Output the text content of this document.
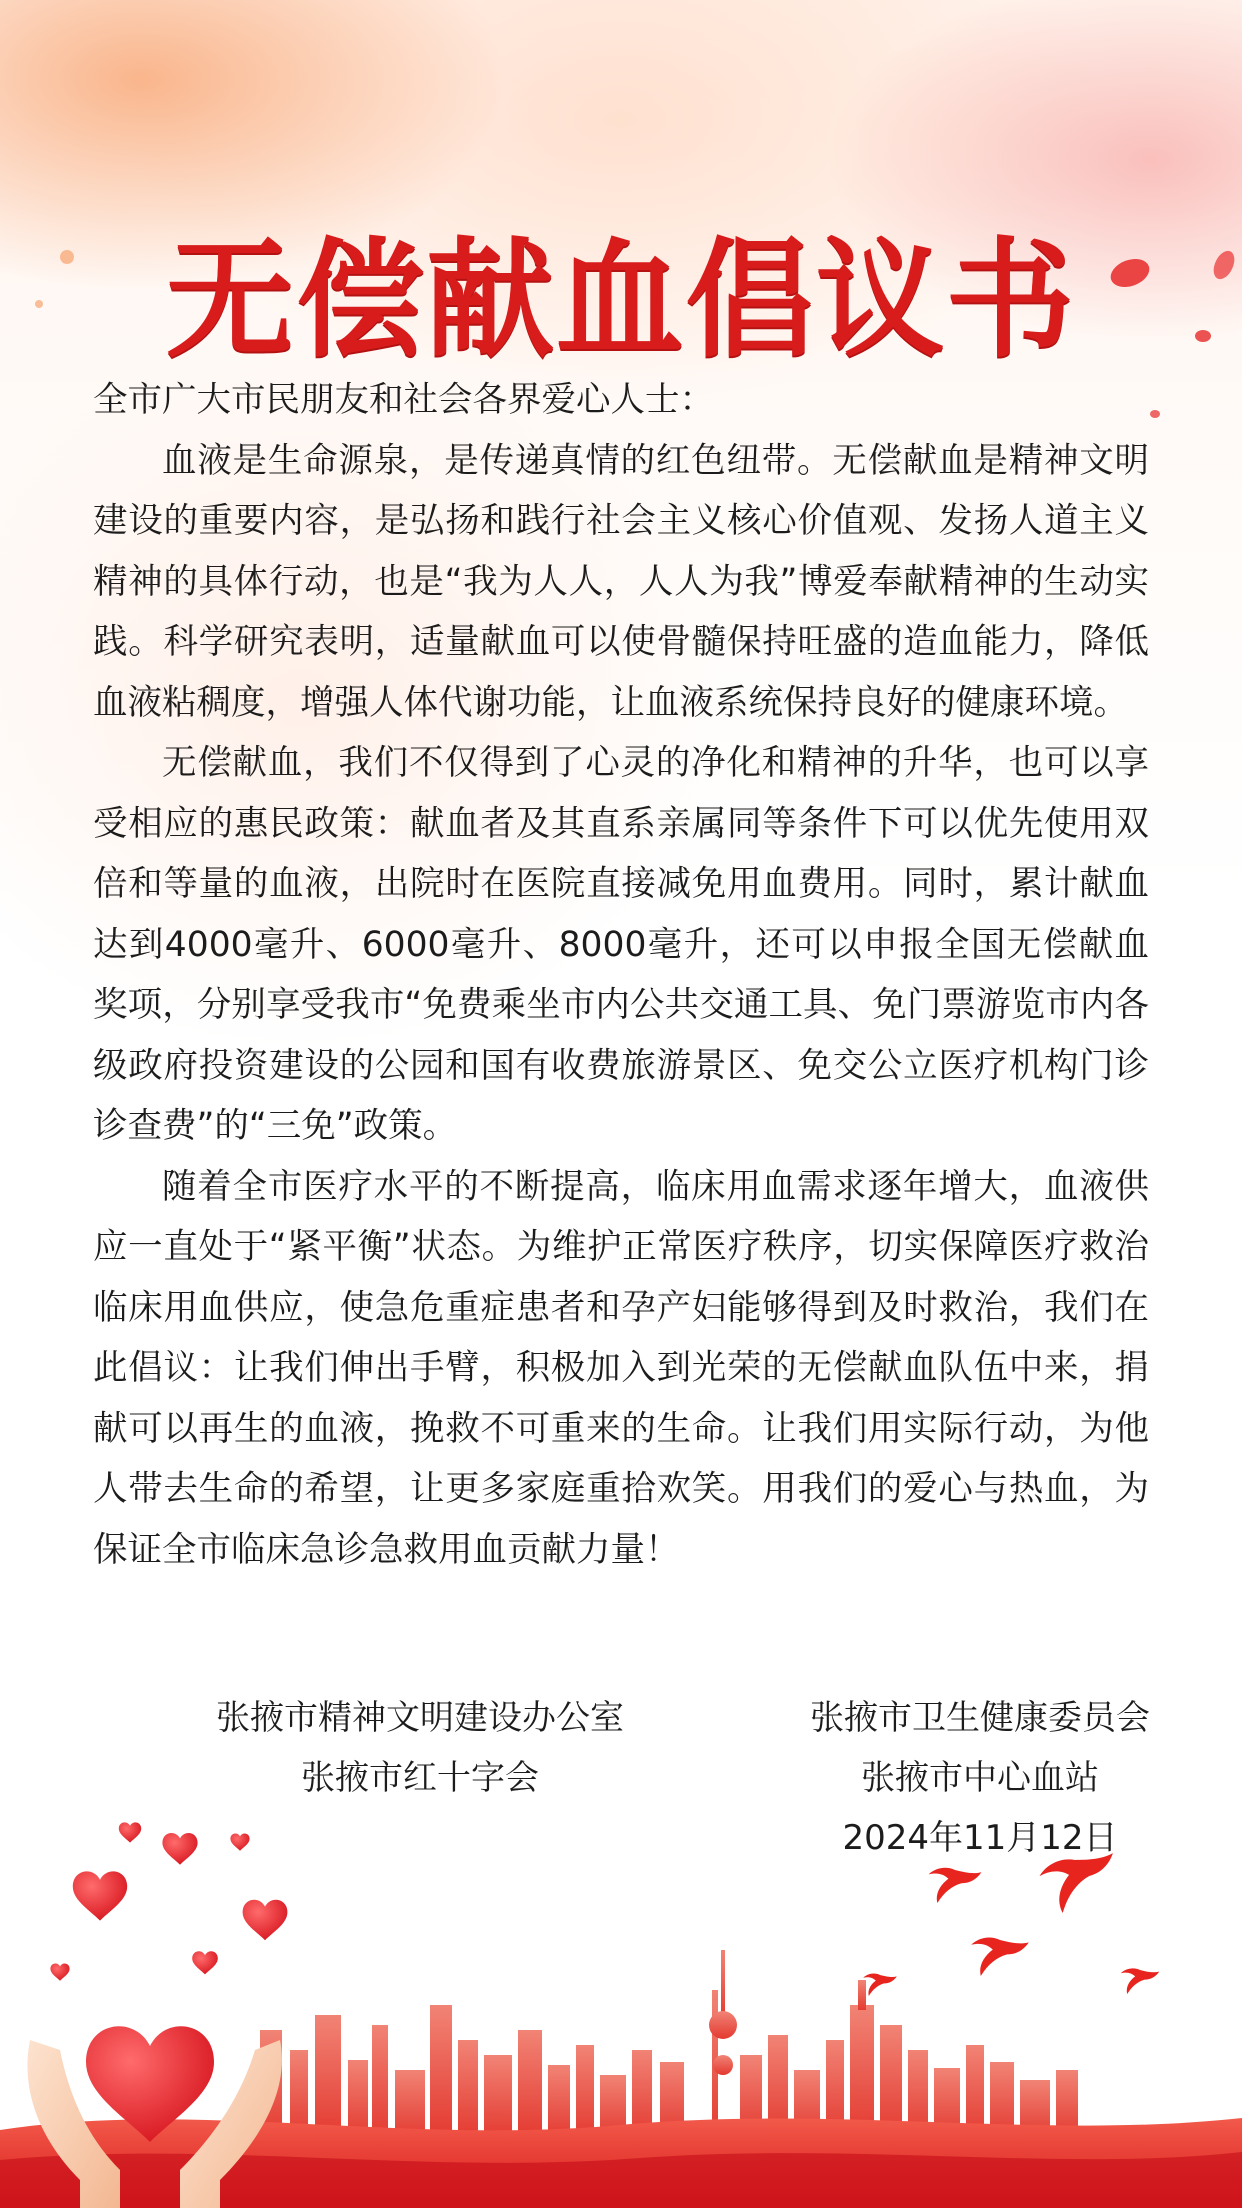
无偿献血倡议书

全市广大市民朋友和社会各界爱心人士：

血液是生命源泉，是传递真情的红色纽带。无偿献血是精神文明建设的重要内容，是弘扬和践行社会主义核心价值观、发扬人道主义精神的具体行动，也是“我为人人，人人为我”博爱奉献精神的生动实践。科学研究表明，适量献血可以使骨髓保持旺盛的造血能力，降低血液粘稠度，增强人体代谢功能，让血液系统保持良好的健康环境。

无偿献血，我们不仅得到了心灵的净化和精神的升华，也可以享受相应的惠民政策：献血者及其直系亲属同等条件下可以优先使用双倍和等量的血液，出院时在医院直接减免用血费用。同时，累计献血达到4000毫升、6000毫升、8000毫升，还可以申报全国无偿献血奖项，分别享受我市“免费乘坐市内公共交通工具、免门票游览市内各级政府投资建设的公园和国有收费旅游景区、免交公立医疗机构门诊诊查费”的“三免”政策。

随着全市医疗水平的不断提高，临床用血需求逐年增大，血液供应一直处于“紧平衡”状态。为维护正常医疗秩序，切实保障医疗救治临床用血供应，使急危重症患者和孕产妇能够得到及时救治，我们在此倡议：让我们伸出手臂，积极加入到光荣的无偿献血队伍中来，捐献可以再生的血液，挽救不可重来的生命。让我们用实际行动，为他人带去生命的希望，让更多家庭重拾欢笑。用我们的爱心与热血，为保证全市临床急诊急救用血贡献力量！

张掖市精神文明建设办公室
张掖市红十字会
张掖市卫生健康委员会
张掖市中心血站
2024年11月12日
